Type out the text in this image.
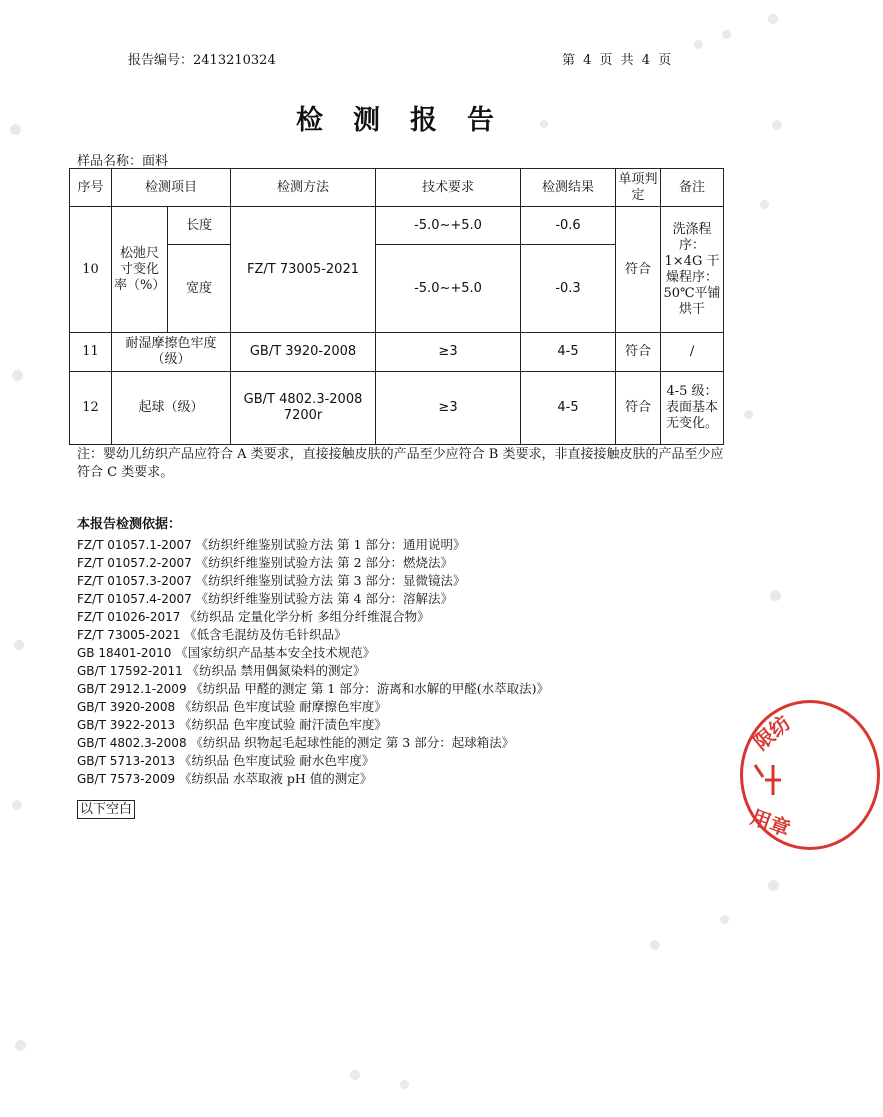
报告编号：2413210324	第 4 页 共 4 页
检测报告
样品名称：面料
序号	检测项目		检测方法	技术要求	检测结果	单项判定	备注
10	松弛尺寸变化率（%）	长度	FZ/T 73005-2021	-5.0~+5.0	-0.6	符合	洗涤程序：1×4G 干燥程序：50℃平铺烘干
		宽度		-5.0~+5.0	-0.3		
11	耐湿摩擦色牢度（级）		GB/T 3920-2008	≥3	4-5	符合	/
12	起球（级）		GB/T 4802.3-2008 7200r	≥3	4-5	符合	4-5 级：表面基本无变化。
注：婴幼儿纺织产品应符合 A 类要求，直接接触皮肤的产品至少应符合 B 类要求，非直接接触皮肤的产品至少应符合 C 类要求。
本报告检测依据：
FZ/T 01057.1-2007 《纺织纤维鉴别试验方法 第 1 部分：通用说明》
FZ/T 01057.2-2007 《纺织纤维鉴别试验方法 第 2 部分：燃烧法》
FZ/T 01057.3-2007 《纺织纤维鉴别试验方法 第 3 部分：显微镜法》
FZ/T 01057.4-2007 《纺织纤维鉴别试验方法 第 4 部分：溶解法》
FZ/T 01026-2017 《纺织品 定量化学分析 多组分纤维混合物》
FZ/T 73005-2021 《低含毛混纺及仿毛针织品》
GB 18401-2010 《国家纺织产品基本安全技术规范》
GB/T 17592-2011 《纺织品 禁用偶氮染料的测定》
GB/T 2912.1-2009 《纺织品 甲醛的测定 第 1 部分：游离和水解的甲醛(水萃取法)》
GB/T 3920-2008 《纺织品 色牢度试验 耐摩擦色牢度》
GB/T 3922-2013 《纺织品 色牢度试验 耐汗渍色牢度》
GB/T 4802.3-2008 《纺织品 织物起毛起球性能的测定 第 3 部分：起球箱法》
GB/T 5713-2013 《纺织品 色牢度试验 耐水色牢度》
GB/T 7573-2009 《纺织品 水萃取液 pH 值的测定》
以下空白
限纺
用章
